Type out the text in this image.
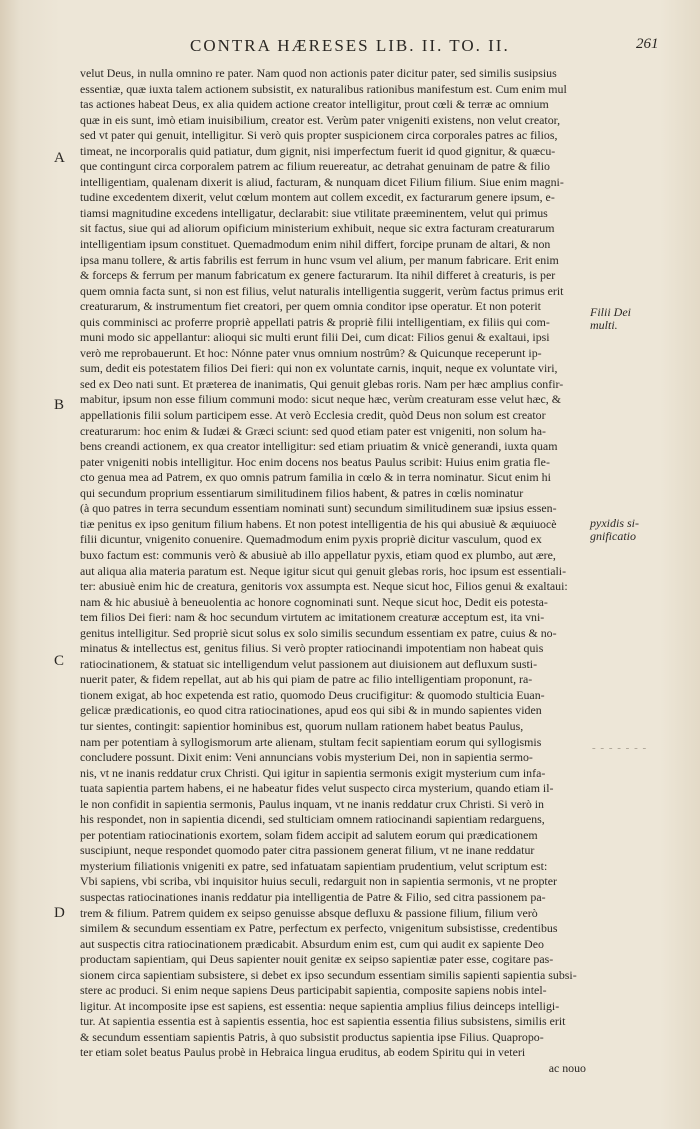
CONTRA HÆRESES LIB. II. TO. II.	261
A
B
C
D
Filii Dei
multi.
pyxidis si-
gnificatio
- - - - - - -
velut Deus, in nulla omnino re pater. Nam quod non actionis pater dicitur pater, sed similis susipsius
essentiæ, quæ iuxta talem actionem subsistit, ex naturalibus rationibus manifestum est. Cum enim mul
tas actiones habeat Deus, ex alia quidem actione creator intelligitur, prout cœli & terræ ac omnium
quæ in eis sunt, imò etiam inuisibilium, creator est. Verùm pater vnigeniti existens, non velut creator,
sed vt pater qui genuit, intelligitur. Si verò quis propter suspicionem circa corporales patres ac filios,
timeat, ne incorporalis quid patiatur, dum gignit, nisi imperfectum fuerit id quod gignitur, & quæcu-
que contingunt circa corporalem patrem ac filium reuereatur, ac detrahat genuinam de patre & filio
intelligentiam, qualenam dixerit is aliud, facturam, & nunquam dicet Filium filium. Siue enim magni-
tudine excedentem dixerit, velut cœlum montem aut collem excedit, ex facturarum genere ipsum, e-
tiamsi magnitudine excedens intelligatur, declarabit: siue vtilitate præeminentem, velut qui primus
sit factus, siue qui ad aliorum opificium ministerium exhibuit, neque sic extra facturam creaturarum
intelligentiam ipsum constituet. Quemadmodum enim nihil differt, forcipe prunam de altari, & non
ipsa manu tollere, & artis fabrilis est ferrum in hunc vsum vel alium, per manum fabricare. Erit enim
& forceps & ferrum per manum fabricatum ex genere facturarum. Ita nihil differet à creaturis, is per
quem omnia facta sunt, si non est filius, velut naturalis intelligentia suggerit, verùm factus primus erit
creaturarum, & instrumentum fiet creatori, per quem omnia conditor ipse operatur. Et non poterit
quis comminisci ac proferre propriè appellati patris & propriè filii intelligentiam, ex filiis qui com-
muni modo sic appellantur: alioqui sic multi erunt filii Dei, cum dicat: Filios genui & exaltaui, ipsi
verò me reprobauerunt. Et hoc: Nónne pater vnus omnium nostrûm? & Quicunque receperunt ip-
sum, dedit eis potestatem filios Dei fieri: qui non ex voluntate carnis, inquit, neque ex voluntate viri,
sed ex Deo nati sunt. Et præterea de inanimatis, Qui genuit glebas roris. Nam per hæc amplius confir-
mabitur, ipsum non esse filium communi modo: sicut neque hæc, verùm creaturam esse velut hæc, &
appellationis filii solum participem esse. At verò Ecclesia credit, quòd Deus non solum est creator
creaturarum: hoc enim & Iudæi & Græci sciunt: sed quod etiam pater est vnigeniti, non solum ha-
bens creandi actionem, ex qua creator intelligitur: sed etiam priuatim & vnicè generandi, iuxta quam
pater vnigeniti nobis intelligitur. Hoc enim docens nos beatus Paulus scribit: Huius enim gratia fle-
cto genua mea ad Patrem, ex quo omnis patrum familia in cœlo & in terra nominatur. Sicut enim hi
qui secundum proprium essentiarum similitudinem filios habent, & patres in cœlis nominatur
(à quo patres in terra secundum essentiam nominati sunt) secundum similitudinem suæ ipsius essen-
tiæ penitus ex ipso genitum filium habens. Et non potest intelligentia de his qui abusiuè & æquiuocè
filii dicuntur, vnigenito conuenire. Quemadmodum enim pyxis propriè dicitur vasculum, quod ex
buxo factum est: communis verò & abusiuè ab illo appellatur pyxis, etiam quod ex plumbo, aut ære,
aut aliqua alia materia paratum est. Neque igitur sicut qui genuit glebas roris, hoc ipsum est essentiali-
ter: abusiuè enim hic de creatura, genitoris vox assumpta est. Neque sicut hoc, Filios genui & exaltaui:
nam & hic abusiuè à beneuolentia ac honore cognominati sunt. Neque sicut hoc, Dedit eis potesta-
tem filios Dei fieri: nam & hoc secundum virtutem ac imitationem creaturæ acceptum est, ita vni-
genitus intelligitur. Sed propriè sicut solus ex solo similis secundum essentiam ex patre, cuius & no-
minatus & intellectus est, genitus filius. Si verò propter ratiocinandi impotentiam non habeat quis
ratiocinationem, & statuat sic intelligendum velut passionem aut diuisionem aut defluxum susti-
nuerit pater, & fidem repellat, aut ab his qui piam de patre ac filio intelligentiam proponunt, ra-
tionem exigat, ab hoc expetenda est ratio, quomodo Deus crucifigitur: & quomodo stulticia Euan-
gelicæ prædicationis, eo quod citra ratiocinationes, apud eos qui sibi & in mundo sapientes viden
tur sientes, contingit: sapientior hominibus est, quorum nullam rationem habet beatus Paulus,
nam per potentiam à syllogismorum arte alienam, stultam fecit sapientiam eorum qui syllogismis
concludere possunt. Dixit enim: Veni annuncians vobis mysterium Dei, non in sapientia sermo-
nis, vt ne inanis reddatur crux Christi. Qui igitur in sapientia sermonis exigit mysterium cum infa-
tuata sapientia partem habens, ei ne habeatur fides velut suspecto circa mysterium, quando etiam il-
le non confidit in sapientia sermonis, Paulus inquam, vt ne inanis reddatur crux Christi. Si verò in
his respondet, non in sapientia dicendi, sed stulticiam omnem ratiocinandi sapientiam redarguens,
per potentiam ratiocinationis exortem, solam fidem accipit ad salutem eorum qui prædicationem
suscipiunt, neque respondet quomodo pater citra passionem generat filium, vt ne inane reddatur
mysterium filiationis vnigeniti ex patre, sed infatuatam sapientiam prudentium, velut scriptum est:
Vbi sapiens, vbi scriba, vbi inquisitor huius seculi, redarguit non in sapientia sermonis, vt ne propter
suspectas ratiocinationes inanis reddatur pia intelligentia de Patre & Filio, sed citra passionem pa-
trem & filium. Patrem quidem ex seipso genuisse absque defluxu & passione filium, filium verò
similem & secundum essentiam ex Patre, perfectum ex perfecto, vnigenitum subsistisse, credentibus
aut suspectis citra ratiocinationem prædicabit. Absurdum enim est, cum qui audit ex sapiente Deo
productam sapientiam, qui Deus sapienter nouit genitæ ex seipso sapientiæ pater esse, cogitare pas-
sionem circa sapientiam subsistere, si debet ex ipso secundum essentiam similis sapienti sapientia subsi-
stere ac produci. Si enim neque sapiens Deus participabit sapientia, composite sapiens nobis intel-
ligitur. At incomposite ipse est sapiens, est essentia: neque sapientia amplius filius deinceps intelligi-
tur. At sapientia essentia est à sapientis essentia, hoc est sapientia essentia filius subsistens, similis erit
& secundum essentiam sapientis Patris, à quo subsistit productus sapientia ipse Filius. Quapropo-
ter etiam solet beatus Paulus probè in Hebraica lingua eruditus, ab eodem Spiritu qui in veteri
ac nouo
